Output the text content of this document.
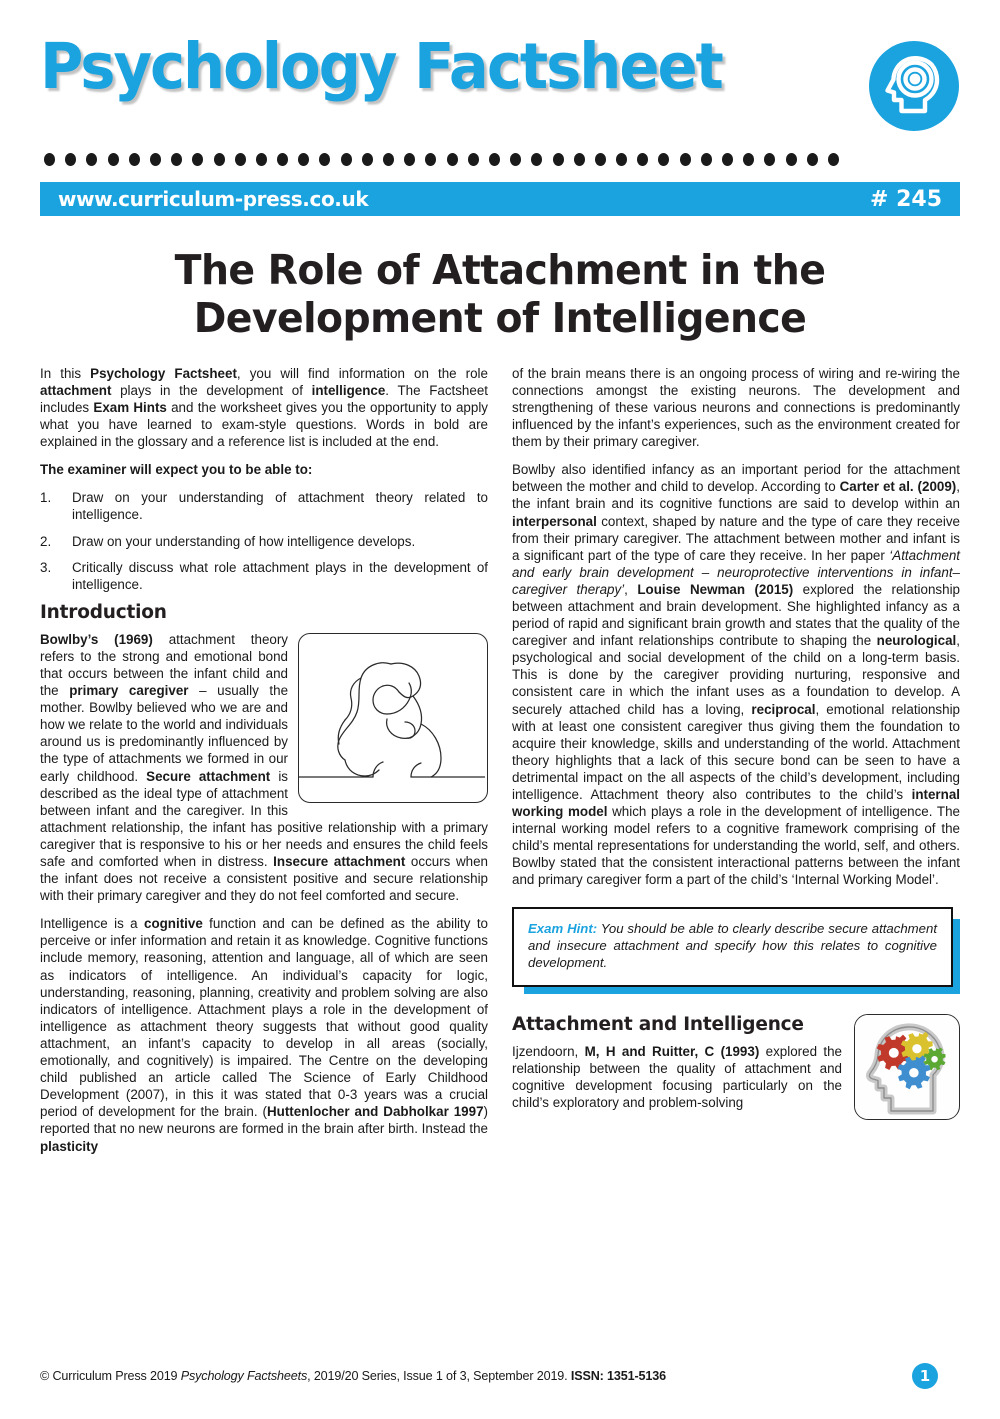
Psychology Factsheet
www.curriculum-press.co.uk	# 245
The Role of Attachment in the Development of Intelligence

In this Psychology Factsheet, you will find information on the role attachment plays in the development of intelligence. The Factsheet includes Exam Hints and the worksheet gives you the opportunity to apply what you have learned to exam-style questions. Words in bold are explained in the glossary and a reference list is included at the end.

The examiner will expect you to be able to:

1.	Draw on your understanding of attachment theory related to intelligence.
2.	Draw on your understanding of how intelligence develops.
3.	Critically discuss what role attachment plays in the development of intelligence.
Introduction

Bowlby’s (1969) attachment theory refers to the strong and emotional bond that occurs between the infant child and the primary caregiver – usually the mother. Bowlby believed who we are and how we relate to the world and individuals around us is predominantly influenced by the type of attachments we formed in our early childhood. Secure attachment is described as the ideal type of attachment between infant and the caregiver. In this attachment relationship, the infant has positive relationship with a primary caregiver that is responsive to his or her needs and ensures the child feels safe and comforted when in distress. Insecure attachment occurs when the infant does not receive a consistent positive and secure relationship with their primary caregiver and they do not feel comforted and secure.

Intelligence is a cognitive function and can be defined as the ability to perceive or infer information and retain it as knowledge. Cognitive functions include memory, reasoning, attention and language, all of which are seen as indicators of intelligence. An individual’s capacity for logic, understanding, reasoning, planning, creativity and problem solving are also indicators of intelligence. Attachment plays a role in the development of intelligence as attachment theory suggests that without good quality attachment, an infant’s capacity to develop in all areas (socially, emotionally, and cognitively) is impaired. The Centre on the developing child published an article called The Science of Early Childhood Development (2007), in this it was stated that 0-3 years was a crucial period of development for the brain. (Huttenlocher and Dabholkar 1997) reported that no new neurons are formed in the brain after birth. Instead the plasticity

of the brain means there is an ongoing process of wiring and re-wiring the connections amongst the existing neurons. The development and strengthening of these various neurons and connections is predominantly influenced by the infant’s experiences, such as the environment created for them by their primary caregiver.

Bowlby also identified infancy as an important period for the attachment between the mother and child to develop. According to Carter et al. (2009), the infant brain and its cognitive functions are said to develop within an interpersonal context, shaped by nature and the type of care they receive from their primary caregiver. The attachment between mother and infant is a significant part of the type of care they receive. In her paper ‘Attachment and early brain development – neuroprotective interventions in infant–caregiver therapy’, Louise Newman (2015) explored the relationship between attachment and brain development. She highlighted infancy as a period of rapid and significant brain growth and states that the quality of the caregiver and infant relationships contribute to shaping the neurological, psychological and social development of the child on a long-term basis. This is done by the caregiver providing nurturing, responsive and consistent care in which the infant uses as a foundation to develop. A securely attached child has a loving, reciprocal, emotional relationship with at least one consistent caregiver thus giving them the foundation to acquire their knowledge, skills and understanding of the world. Attachment theory highlights that a lack of this secure bond can be seen to have a detrimental impact on the all aspects of the child’s development, including intelligence. Attachment theory also contributes to the child’s internal working model which plays a role in the development of intelligence. The internal working model refers to a cognitive framework comprising of the child’s mental representations for understanding the world, self, and others. Bowlby stated that the consistent interactional patterns between the infant and primary caregiver form a part of the child’s ‘Internal Working Model’.

Exam Hint: You should be able to clearly describe secure attachment and insecure attachment and specify how this relates to cognitive development.

Attachment and Intelligence

Ijzendoorn, M, H and Ruitter, C (1993) explored the relationship between the quality of attachment and cognitive development focusing particularly on the child’s exploratory and problem-solving

© Curriculum Press 2019 Psychology Factsheets, 2019/20 Series, Issue 1 of 3, September 2019. ISSN: 1351-5136	1
